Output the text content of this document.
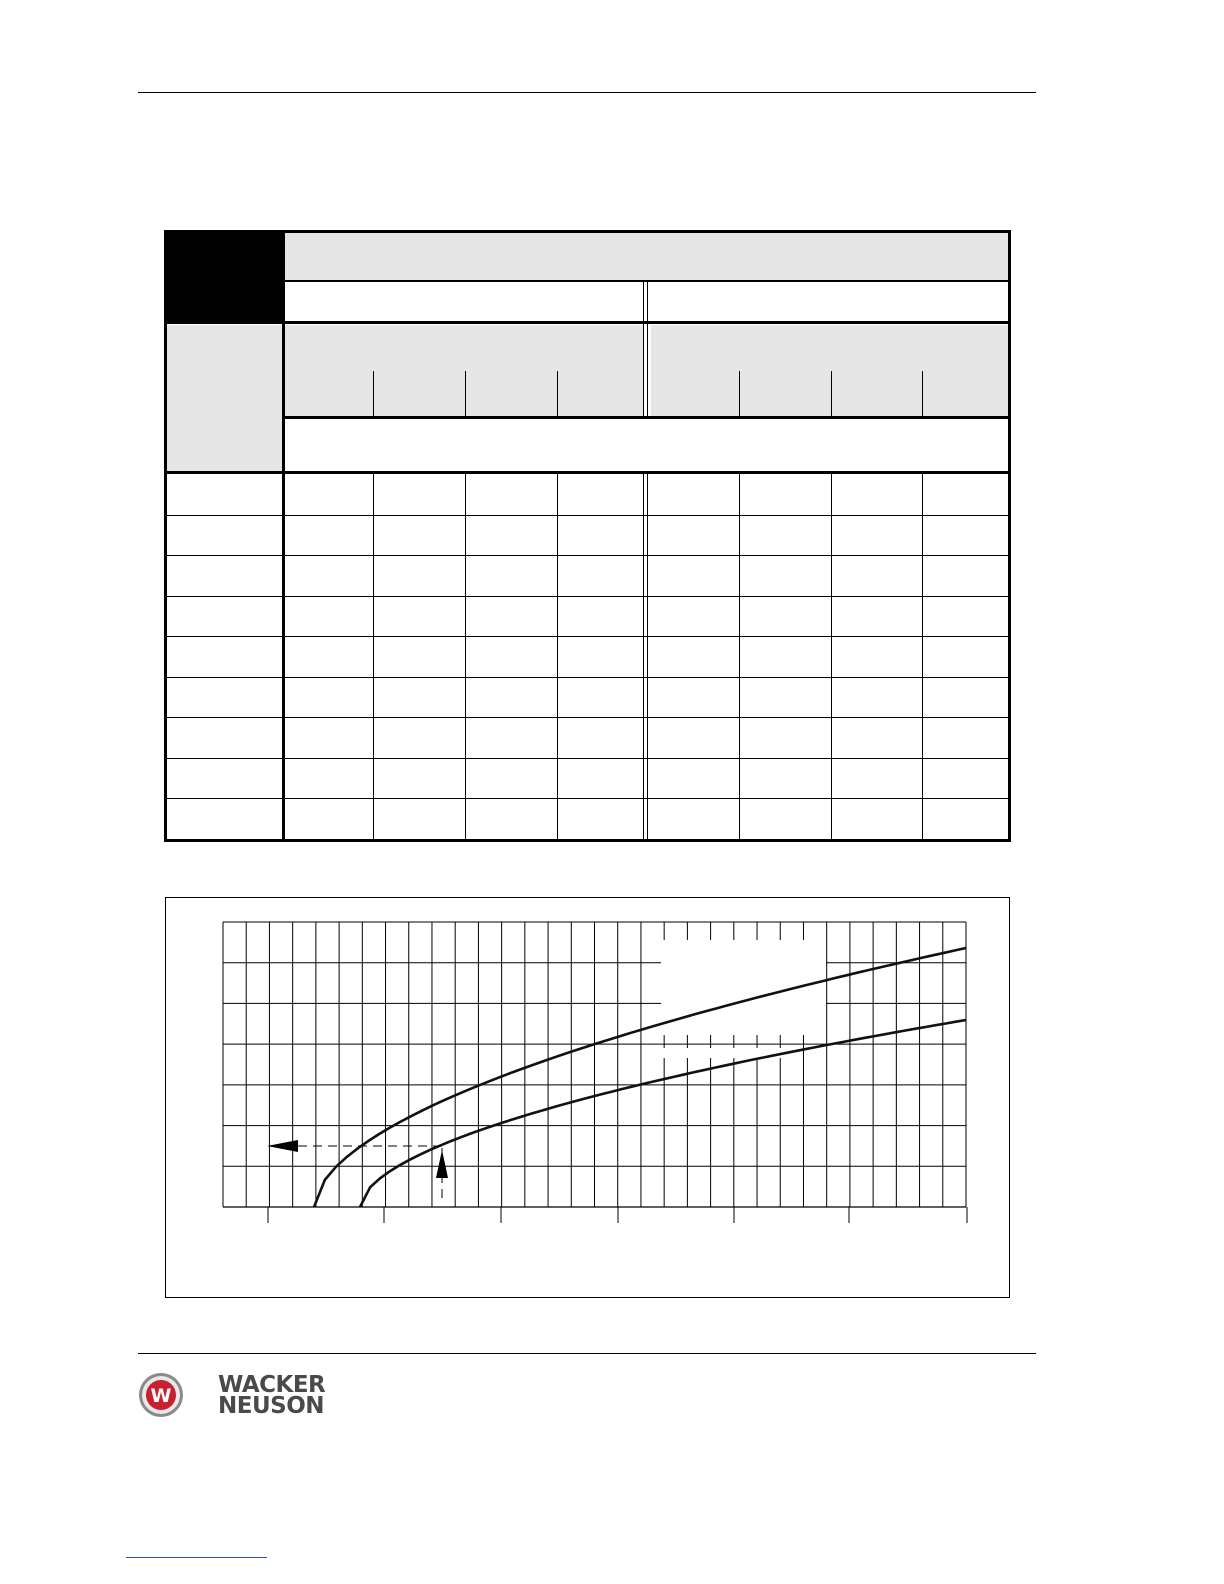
W WACKER
NEUSON
